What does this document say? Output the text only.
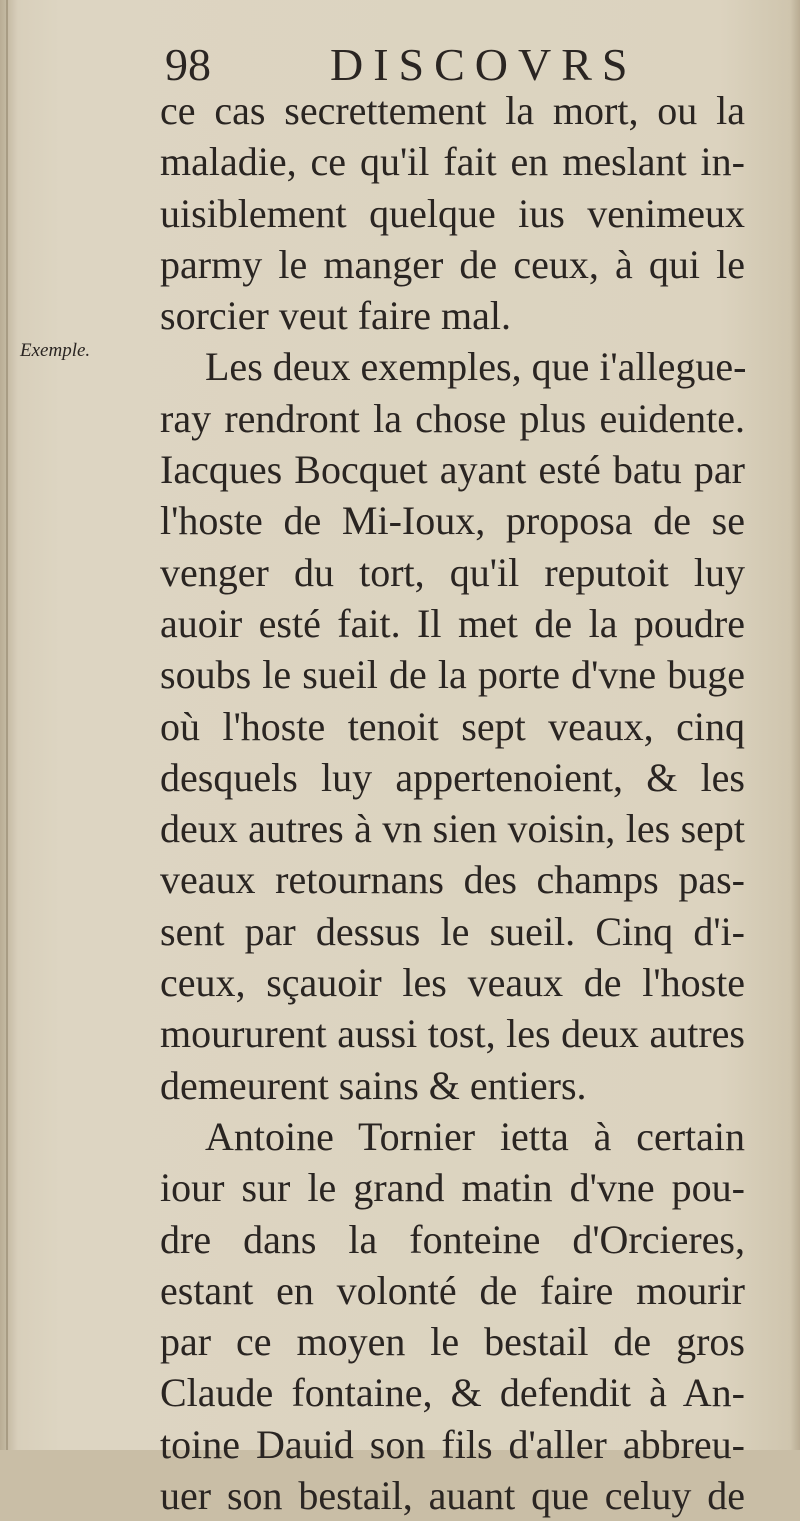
98	DISCOVRS
Exemple.
ce cas secrettement la mort, ou la
maladie, ce qu'il fait en meslant in-
uisiblement quelque ius venimeux
parmy le manger de ceux, à qui le
sorcier veut faire mal.
Les deux exemples, que i'allegue-
ray rendront la chose plus euidente.
Iacques Bocquet ayant esté batu par
l'hoste de Mi-Ioux, proposa de se
venger du tort, qu'il reputoit luy
auoir esté fait. Il met de la poudre
soubs le sueil de la porte d'vne buge
où l'hoste tenoit sept veaux, cinq
desquels luy appertenoient, & les
deux autres à vn sien voisin, les sept
veaux retournans des champs pas-
sent par dessus le sueil. Cinq d'i-
ceux, sçauoir les veaux de l'hoste
moururent aussi tost, les deux autres
demeurent sains & entiers.
Antoine Tornier ietta à certain
iour sur le grand matin d'vne pou-
dre dans la fonteine d'Orcieres,
estant en volonté de faire mourir
par ce moyen le bestail de gros
Claude fontaine, & defendit à An-
toine Dauid son fils d'aller abbreu-
uer son bestail, auant que celuy de
